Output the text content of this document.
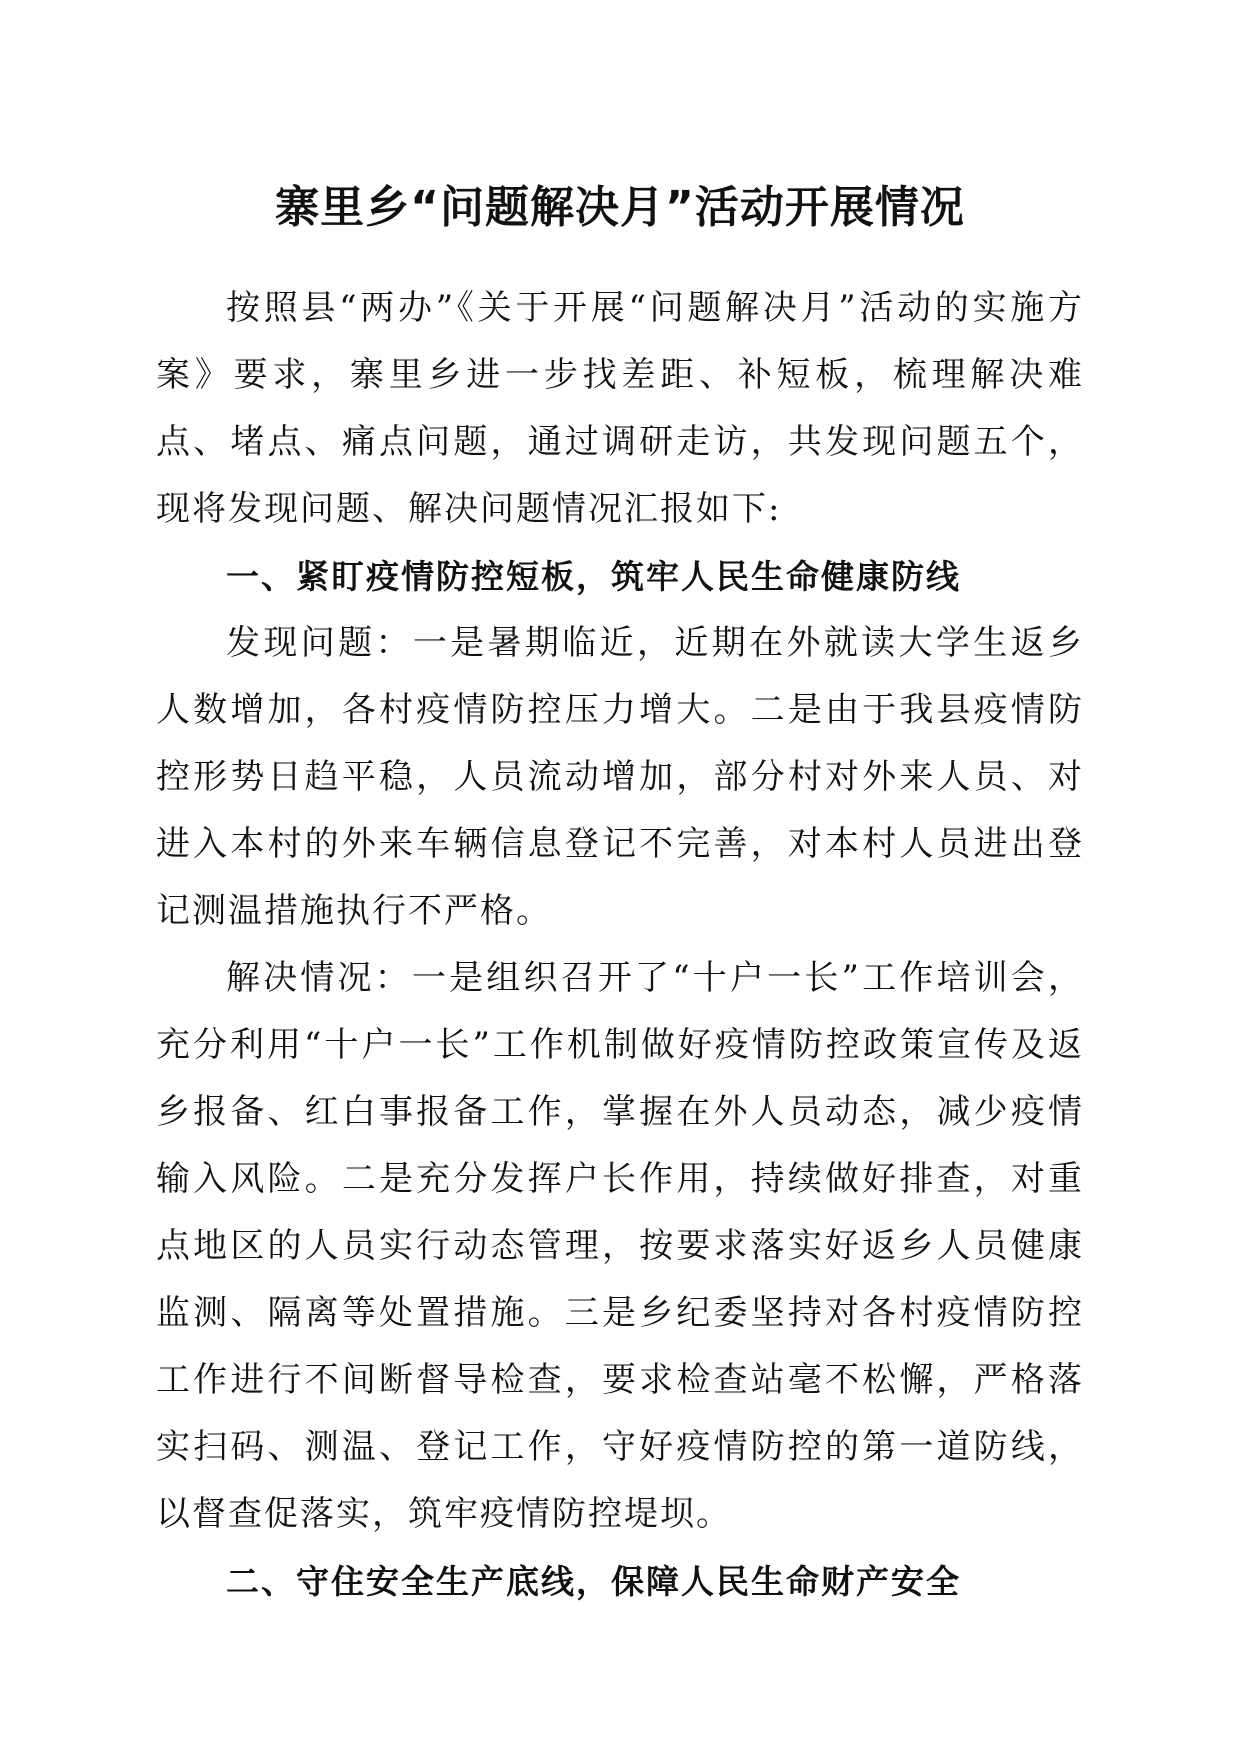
寨里乡“问题解决月”活动开展情况

按照县“两办”《关于开展“问题解决月”活动的实施方案》要求，寨里乡进一步找差距、补短板，梳理解决难点、堵点、痛点问题，通过调研走访，共发现问题五个，现将发现问题、解决问题情况汇报如下:

一、紧盯疫情防控短板，筑牢人民生命健康防线

发现问题：一是暑期临近，近期在外就读大学生返乡人数增加，各村疫情防控压力增大。二是由于我县疫情防控形势日趋平稳，人员流动增加，部分村对外来人员、对进入本村的外来车辆信息登记不完善，对本村人员进出登记测温措施执行不严格。

解决情况：一是组织召开了“十户一长”工作培训会，充分利用“十户一长”工作机制做好疫情防控政策宣传及返乡报备、红白事报备工作，掌握在外人员动态，减少疫情输入风险。二是充分发挥户长作用，持续做好排查，对重点地区的人员实行动态管理，按要求落实好返乡人员健康监测、隔离等处置措施。三是乡纪委坚持对各村疫情防控工作进行不间断督导检查，要求检查站毫不松懈，严格落实扫码、测温、登记工作，守好疫情防控的第一道防线，以督查促落实，筑牢疫情防控堤坝。

二、守住安全生产底线，保障人民生命财产安全
